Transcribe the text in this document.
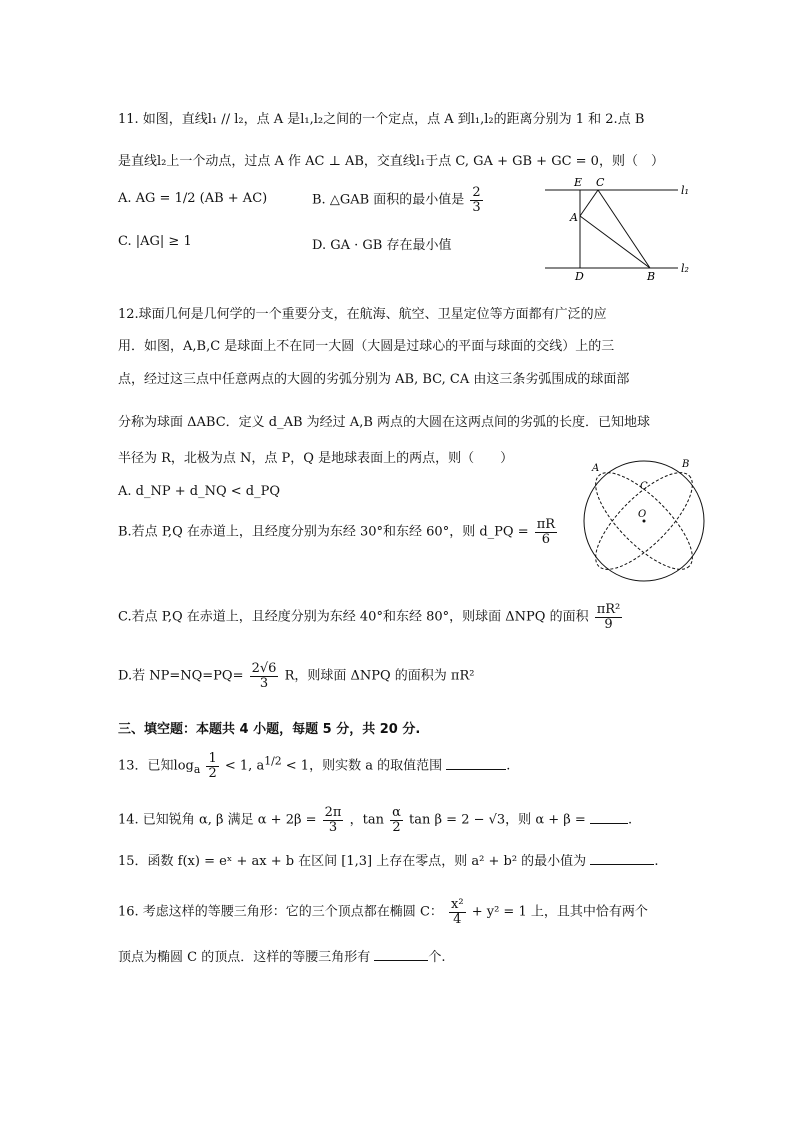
11. 如图，直线l₁ // l₂，点 A 是l₁,l₂之间的一个定点，点 A 到l₁,l₂的距离分别为 1 和 2.点 B
是直线l₂上一个动点，过点 A 作 AC ⊥ AB，交直线l₁于点 C, GA + GB + GC = 0，则（　）
A. AG = 1/2 (AB + AC)	B. △GAB 面积的最小值是 $\frac{2}{3}$
C. |AG| ≥ 1	D. GA · GB 存在最小值
E C
A
D	B
l₁
l₂
12.球面几何是几何学的一个重要分支，在航海、航空、卫星定位等方面都有广泛的应
用．如图，A,B,C 是球面上不在同一大圆（大圆是过球心的平面与球面的交线）上的三
点，经过这三点中任意两点的大圆的劣弧分别为 AB, BC, CA 由这三条劣弧围成的球面部
分称为球面 ΔABC．定义 d_AB 为经过 A,B 两点的大圆在这两点间的劣弧的长度．已知地球
半径为 R，北极为点 N，点 P，Q 是地球表面上的两点，则（　　）
A. d_NP + d_NQ < d_PQ
B.若点 P,Q 在赤道上，且经度分别为东经 30°和东经 60°，则 d_PQ = $\frac{\pi R}{6}$
C.若点 P,Q 在赤道上，且经度分别为东经 40°和东经 80°，则球面 ΔNPQ 的面积 $\frac{\text{πR²}}{9}$
D.若 $NP=NQ=PQ= \frac{2√6}{3}$ R，则球面 ΔNPQ 的面积为 πR²
A	B
C
O
三、填空题：本题共 4 小题，每题 5 分，共 20 分.
13．已知$\log_a \frac{1}{2} < 1$, $a^{1/2} < 1$，则实数 a 的取值范围	.
14. 已知锐角 α, β 满足 $\alpha + 2\beta = \frac{2\pi}{3}$ ，$\tan \frac{\alpha}{2}$ tan β = 2 − √3，则 α + β =	.
15．函数 f(x) = eˣ + ax + b 在区间 [1,3] 上存在零点，则 a² + b² 的最小值为	.
16. 考虑这样的等腰三角形：它的三个顶点都在椭圆 C： $\frac{\text{x²}}{4} + y^2 = 1$ 上，且其中恰有两个
顶点为椭圆 C 的顶点．这样的等腰三角形有	个.
